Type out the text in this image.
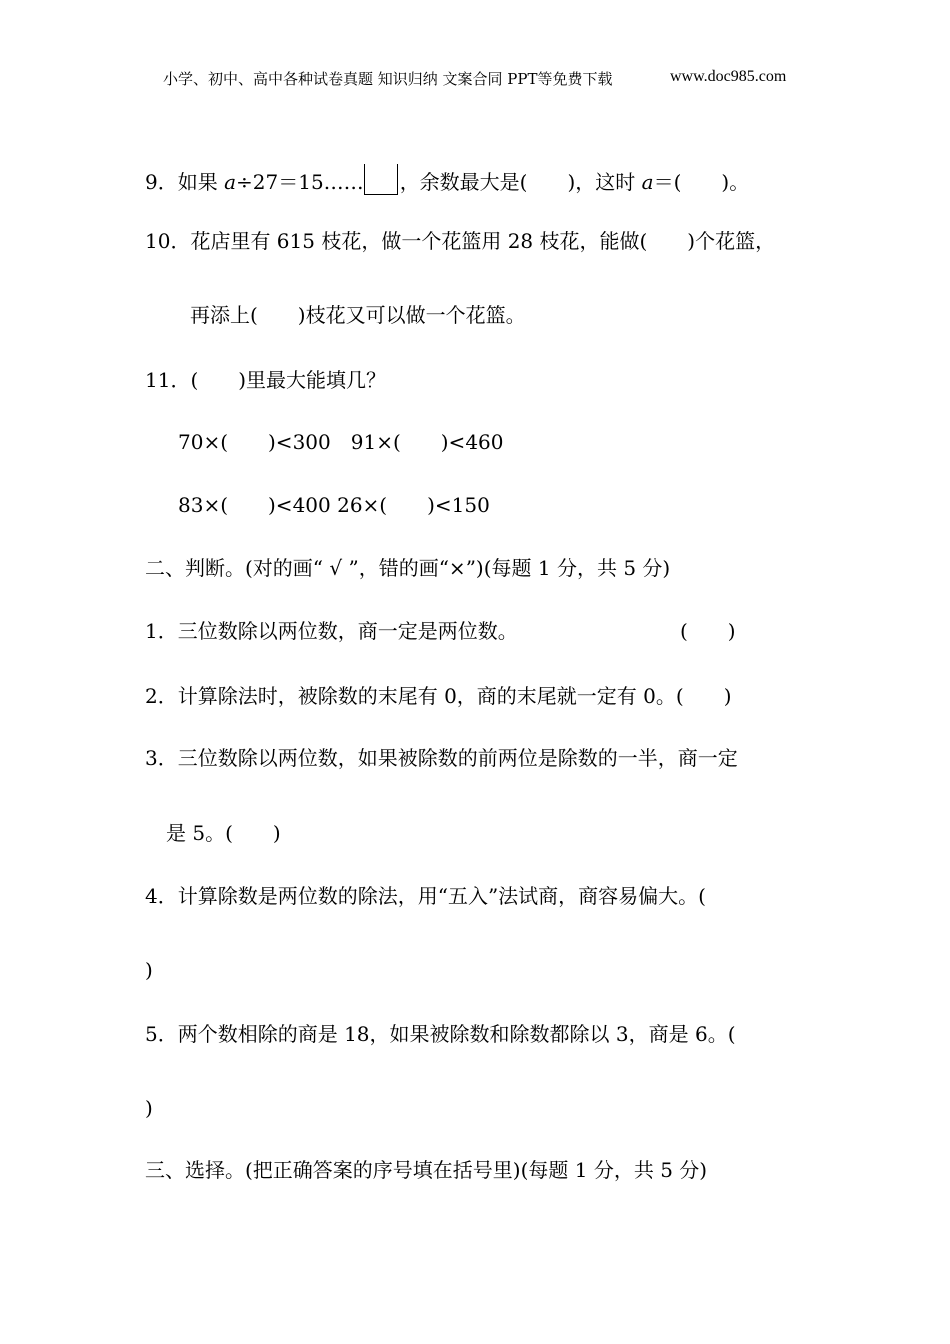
小学、初中、高中各种试卷真题 知识归纳 文案合同 PPT等免费下载	www.doc985.com
9．如果 a÷27＝15…… ，余数最大是(　　)，这时 a＝(　　)。
10．花店里有 615 枝花，做一个花篮用 28 枝花，能做(　　)个花篮，
再添上(　　)枝花又可以做一个花篮。
11．(　　)里最大能填几？
70×(　　)<300　91×(　　)<460
83×(　　)<400 26×(　　)<150
二、判断。(对的画“ √ ”，错的画“×”)(每题 1 分，共 5 分)
1．三位数除以两位数，商一定是两位数。	(　　)
2．计算除法时，被除数的末尾有 0，商的末尾就一定有 0。(　　)
3．三位数除以两位数，如果被除数的前两位是除数的一半，商一定
是 5。(　　)
4．计算除数是两位数的除法，用“五入”法试商，商容易偏大。(
)
5．两个数相除的商是 18，如果被除数和除数都除以 3，商是 6。(
)
三、选择。(把正确答案的序号填在括号里)(每题 1 分，共 5 分)
